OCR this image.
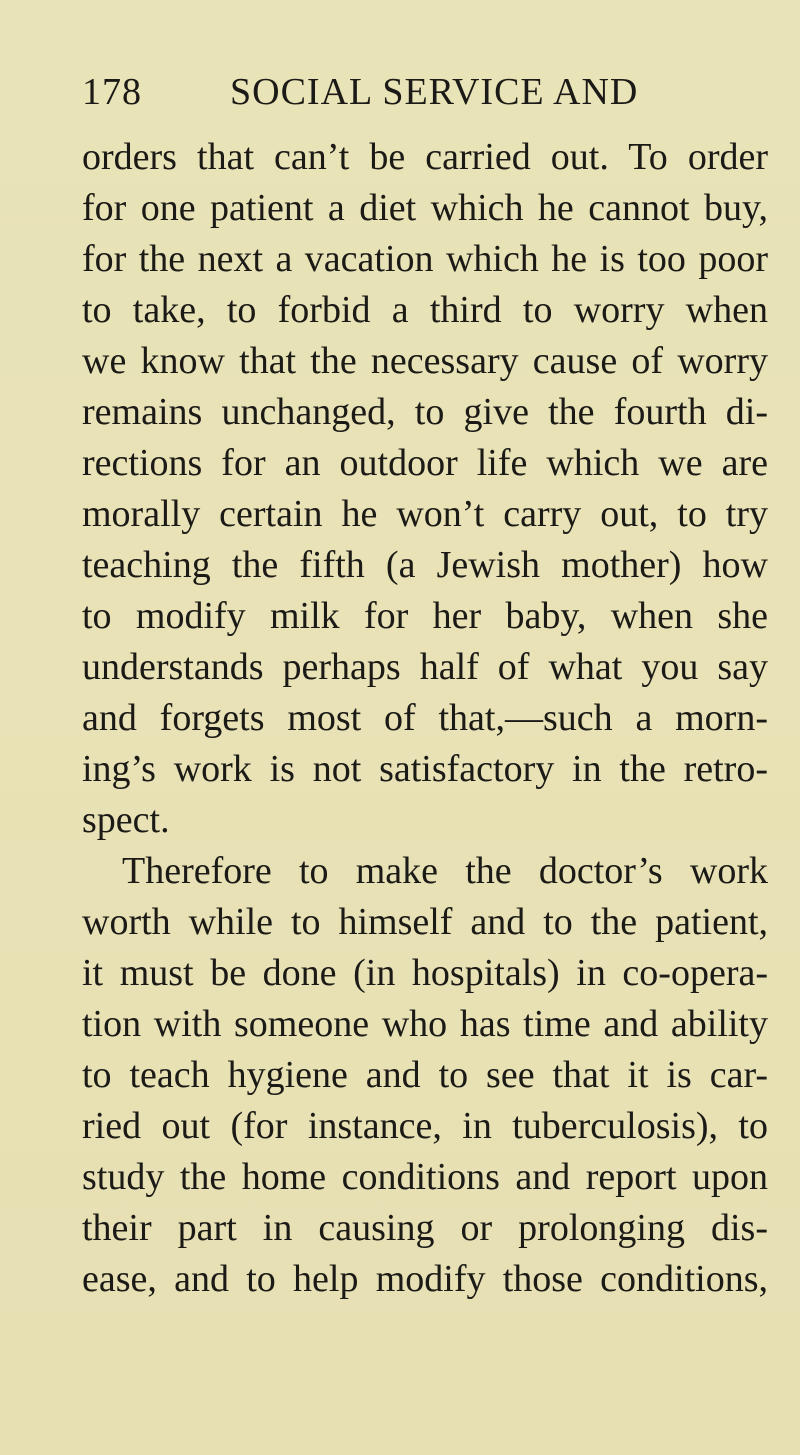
178 SOCIAL SERVICE AND
orders that can’t be carried out. To order
for one patient a diet which he cannot buy,
for the next a vacation which he is too poor
to take, to forbid a third to worry when
we know that the necessary cause of worry
remains unchanged, to give the fourth di-
rections for an outdoor life which we are
morally certain he won’t carry out, to try
teaching the fifth (a Jewish mother) how
to modify milk for her baby, when she
understands perhaps half of what you say
and forgets most of that,—such a morn-
ing’s work is not satisfactory in the retro-
spect.
Therefore to make the doctor’s work
worth while to himself and to the patient,
it must be done (in hospitals) in co-opera-
tion with someone who has time and ability
to teach hygiene and to see that it is car-
ried out (for instance, in tuberculosis), to
study the home conditions and report upon
their part in causing or prolonging dis-
ease, and to help modify those conditions,
